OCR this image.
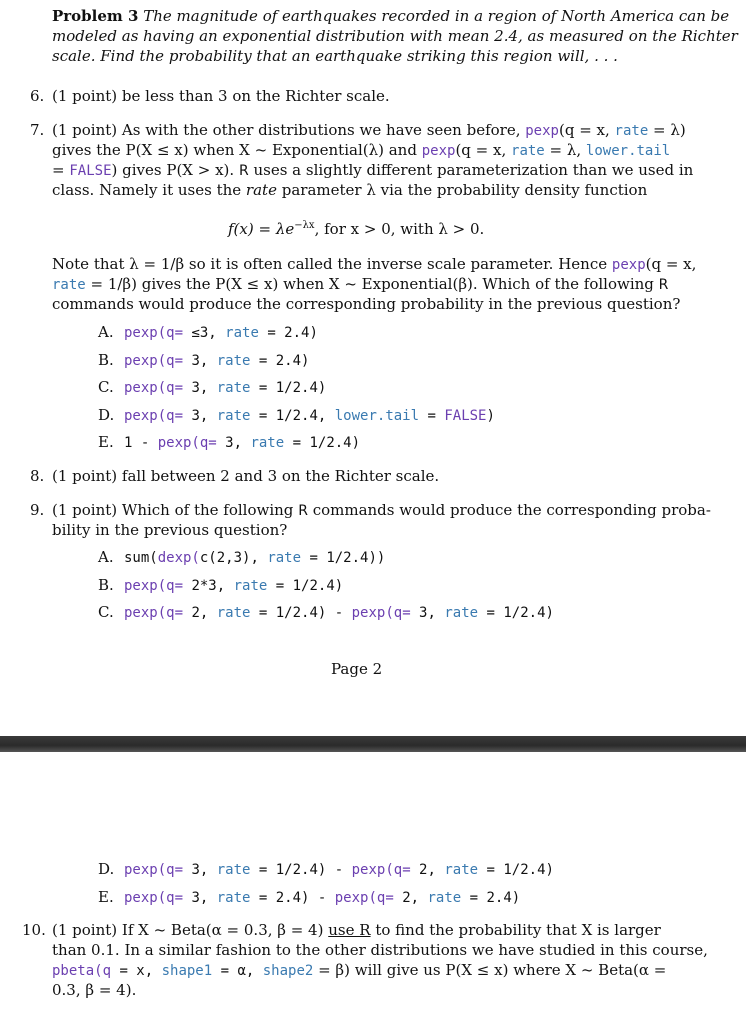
Problem 3 The magnitude of earthquakes recorded in a region of North America can be
modeled as having an exponential distribution with mean 2.4, as measured on the Richter
scale. Find the probability that an earthquake striking this region will, . . .
6. (1 point) be less than 3 on the Richter scale.
7. (1 point) As with the other distributions we have seen before, pexp(q = x, rate = λ)
gives the P(X ≤ x) when X ~ Exponential(λ) and pexp(q = x, rate = λ, lower.tail
= FALSE) gives P(X > x). R uses a slightly different parameterization than we used in
class. Namely it uses the rate parameter λ via the probability density function
$f(x) = \lambda e^{-\lambda x}$, for x > 0, with λ > 0.
Note that λ = 1/β so it is often called the inverse scale parameter. Hence pexp(q = x,
rate = 1/β) gives the P(X ≤ x) when X ~ Exponential(β). Which of the following R
commands would produce the corresponding probability in the previous question?
A. pexp(q= ≤3, rate = 2.4)
B. pexp(q= 3, rate = 2.4)
C. pexp(q= 3, rate = 1/2.4)
D. pexp(q= 3, rate = 1/2.4, lower.tail = FALSE)
E. 1 - pexp(q= 3, rate = 1/2.4)
8. (1 point) fall between 2 and 3 on the Richter scale.
9. (1 point) Which of the following R commands would produce the corresponding proba-
bility in the previous question?
A. sum(dexp(c(2,3), rate = 1/2.4))
B. pexp(q= 2*3, rate = 1/2.4)
C. pexp(q= 2, rate = 1/2.4) - pexp(q= 3, rate = 1/2.4)
Page 2
D. pexp(q= 3, rate = 1/2.4) - pexp(q= 2, rate = 1/2.4)
E. pexp(q= 3, rate = 2.4) - pexp(q= 2, rate = 2.4)
10. (1 point) If X ~ Beta(α = 0.3, β = 4) use R to find the probability that X is larger
than 0.1. In a similar fashion to the other distributions we have studied in this course,
pbeta(q = x, shape1 = α, shape2 = β) will give us P(X ≤ x) where X ~ Beta(α =
0.3, β = 4).
